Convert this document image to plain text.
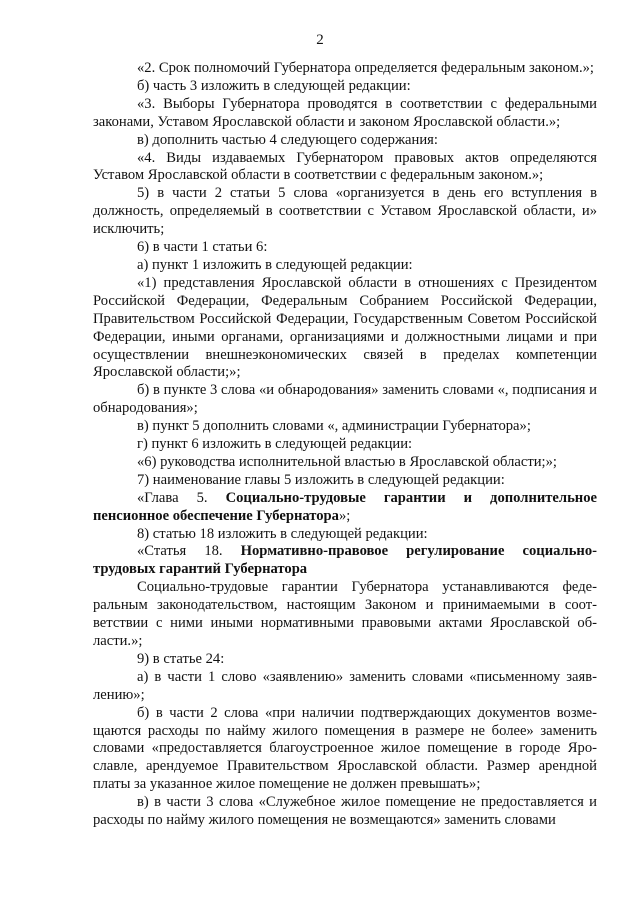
2

«2. Срок полномочий Губернатора определяется федеральным законом.»;

б) часть 3 изложить в следующей редакции:

«3. Выборы Губернатора проводятся в соответствии с федеральными законами, Уставом Ярославской области и законом Ярославской области.»;

в) дополнить частью 4 следующего содержания:

«4. Виды издаваемых Губернатором правовых актов определяются Уставом Ярославской области в соответствии с федеральным законом.»;

5) в части 2 статьи 5 слова «организуется в день его вступления в должность, определяемый в соответствии с Уставом Ярославской области, и» исключить;

6) в части 1 статьи 6:

а) пункт 1 изложить в следующей редакции:

«1) представления Ярославской области в отношениях с Президентом Российской Федерации, Федеральным Собранием Российской Федерации, Правительством Российской Федерации, Государственным Советом Российской Федерации, иными органами, организациями и должностными лицами и при осуществлении внешнеэкономических связей в пределах компетенции Ярославской области;»;

б) в пункте 3 слова «и обнародования» заменить словами «, подписания и обнародования»;

в) пункт 5 дополнить словами «, администрации Губернатора»;

г) пункт 6 изложить в следующей редакции:

«6) руководства исполнительной властью в Ярославской области;»;

7) наименование главы 5 изложить в следующей редакции:

«Глава 5. Социально-трудовые гарантии и дополнительное пенсионное обеспечение Губернатора»;

8) статью 18 изложить в следующей редакции:

«Статья 18. Нормативно-правовое регулирование социально-трудовых гарантий Губернатора

Социально-трудовые гарантии Губернатора устанавливаются федеральным законодательством, настоящим Законом и принимаемыми в соответствии с ними иными нормативными правовыми актами Ярославской области.»;

9) в статье 24:

а) в части 1 слово «заявлению» заменить словами «письменному заявлению»;

б) в части 2 слова «при наличии подтверждающих документов возмещаются расходы по найму жилого помещения в размере не более» заменить словами «предоставляется благоустроенное жилое помещение в городе Ярославле, арендуемое Правительством Ярославской области. Размер арендной платы за указанное жилое помещение не должен превышать»;

в) в части 3 слова «Служебное жилое помещение не предоставляется и расходы по найму жилого помещения не возмещаются» заменить словами
